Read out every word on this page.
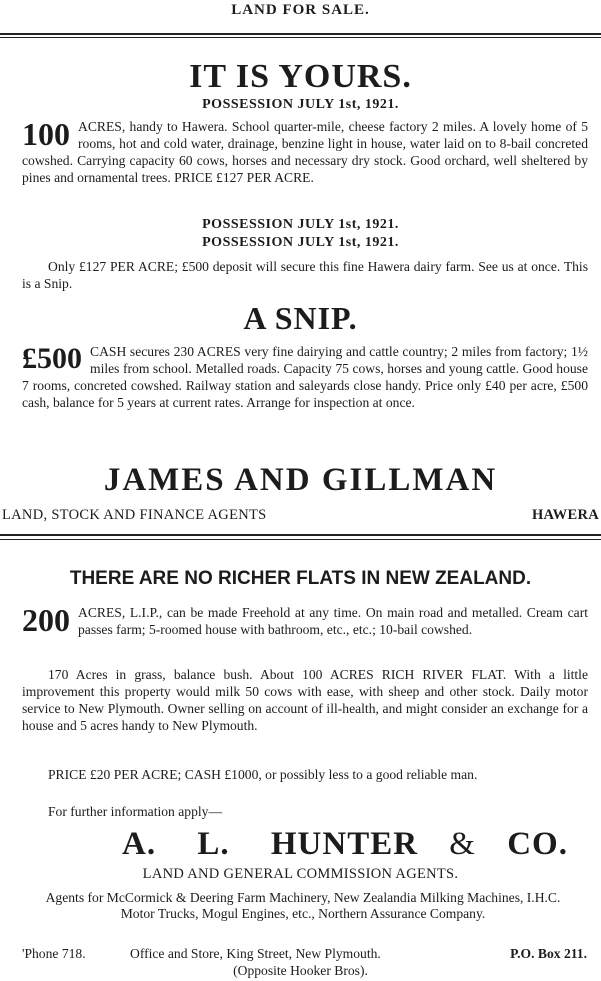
LAND FOR SALE.
IT IS YOURS.
POSSESSION JULY 1st, 1921.
100 ACRES, handy to Hawera. School quarter-mile, cheese factory 2 miles. A lovely home of 5 rooms, hot and cold water, drainage, benzine light in house, water laid on to 8-bail concreted cowshed. Carrying capacity 60 cows, horses and necessary dry stock. Good orchard, well sheltered by pines and ornamental trees. PRICE £127 PER ACRE.
POSSESSION JULY 1st, 1921.
POSSESSION JULY 1st, 1921.
Only £127 PER ACRE; £500 deposit will secure this fine Hawera dairy farm. See us at once. This is a Snip.
A SNIP.
£500 CASH secures 230 ACRES very fine dairying and cattle country; 2 miles from factory; 1½ miles from school. Metalled roads. Capacity 75 cows, horses and young cattle. Good house 7 rooms, concreted cowshed. Railway station and saleyards close handy. Price only £40 per acre, £500 cash, balance for 5 years at current rates. Arrange for inspection at once.
JAMES AND GILLMAN
LAND, STOCK AND FINANCE AGENTS	HAWERA
THERE ARE NO RICHER FLATS IN NEW ZEALAND.
200 ACRES, L.I.P., can be made Freehold at any time. On main road and metalled. Cream cart passes farm; 5-roomed house with bathroom, etc., etc.; 10-bail cowshed.
170 Acres in grass, balance bush. About 100 ACRES RICH RIVER FLAT. With a little improvement this property would milk 50 cows with ease, with sheep and other stock. Daily motor service to New Plymouth. Owner selling on account of ill-health, and might consider an exchange for a house and 5 acres handy to New Plymouth.
PRICE £20 PER ACRE; CASH £1000, or possibly less to a good reliable man.
For further information apply—
A. L. HUNTER & CO.
LAND AND GENERAL COMMISSION AGENTS.
Agents for McCormick & Deering Farm Machinery, New Zealandia Milking Machines, I.H.C. Motor Trucks, Mogul Engines, etc., Northern Assurance Company.
'Phone 718.	Office and Store, King Street, New Plymouth.	P.O. Box 211.
(Opposite Hooker Bros).
